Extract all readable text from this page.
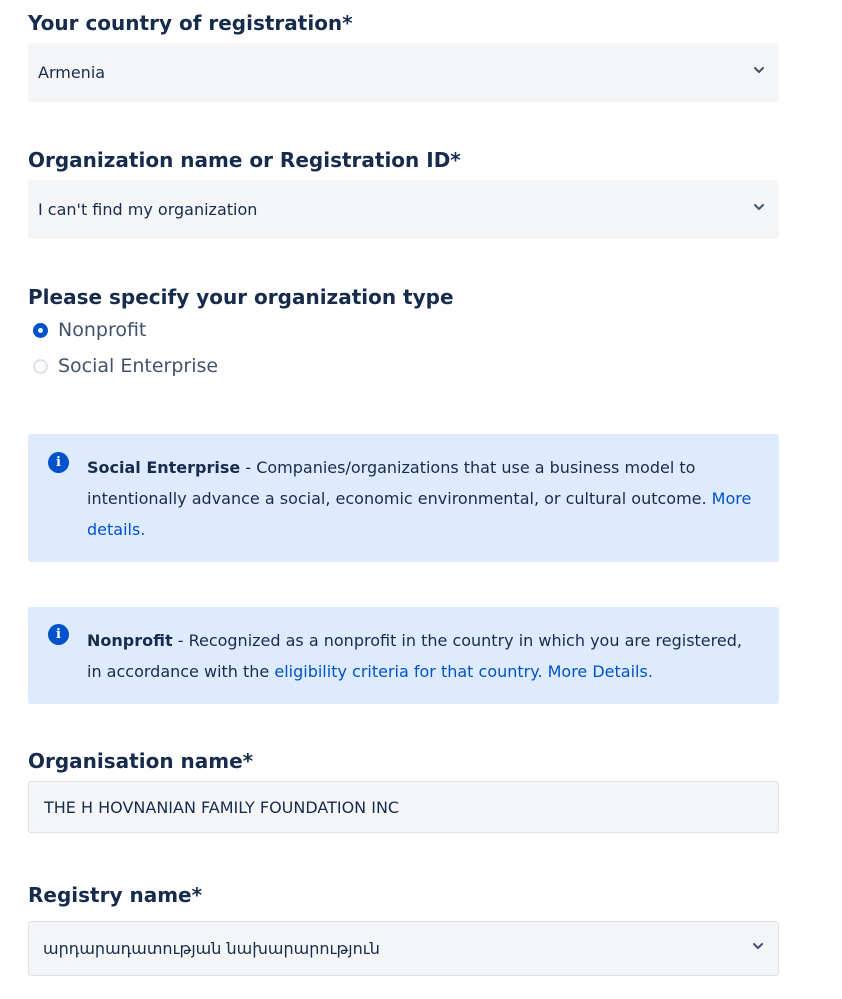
Your country of registration*
Armenia
Organization name or Registration ID*
I can't find my organization
Please specify your organization type
Nonprofit
Social Enterprise
i	Social Enterprise - Companies/organizations that use a business model to intentionally advance a social, economic environmental, or cultural outcome. More details.
i	Nonprofit - Recognized as a nonprofit in the country in which you are registered, in accordance with the eligibility criteria for that country. More Details.
Organisation name*
THE H HOVNANIAN FAMILY FOUNDATION INC
Registry name*
արդարադատության նախարարություն
